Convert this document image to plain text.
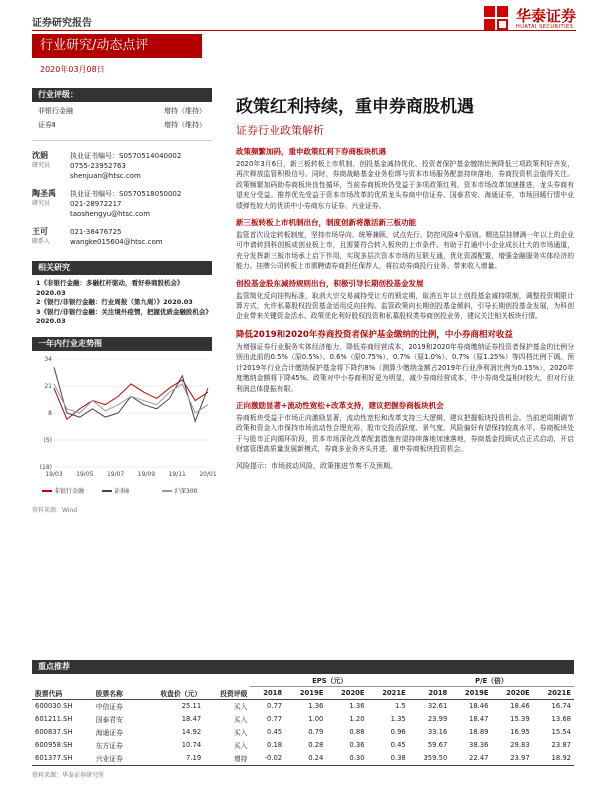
证券研究报告	华泰证券
HUATAI SECURITIES
行业研究/动态点评
2020年03月08日
行业评级：
非银行金融	增持（维持）
证券Ⅱ	增持（维持）
沈娟
研究员
执业证书编号：S0570514040002
0755-23952763
shenjuan@htsc.com
陶圣禹
研究员
执业证书编号：S0570518050002
021-28972217
taoshengyu@htsc.com
王可
联系人
021-38476725
wangke015604@htsc.com
相关研究
1《非银行金融：多融杠杆驱动，看好券商股机会》2020.03
2《银行/非银行金融：行业周报（第九周）》2020.03
3《银行/非银行金融：关注境外疫情，把握优质金融股机会》2020.03
一年内行业走势图
(18)
(5)
8
21
34
19/03 19/05 19/07 19/09 19/11 20/01
非银行金融	证券Ⅱ	沪深300
资料来源：Wind
政策红利持续，重申券商股机遇
证券行业政策解析
政策频繁加码，重申政策红利下券商板块机遇
2020年3月6日，新三板转板上市机制、创投基金减持优化、投资者保护基金缴纳比例降低三项政策利好齐发，再次释放监管积极信号。同时，券商战略基金业务松绑与资本市场服务配套持续落地，券商投资机会值得关注。政策频繁加码助券商板块良性循环，当前券商板块仍受益于多项政策红利，资本市场改革加速推进，龙头券商有望充分受益。推荐优先受益于资本市场改革的优质龙头券商中信证券、国泰君安、海通证券，市场回暖行情中业绩弹性较大的优质中小券商东方证券、兴业证券。
新三板转板上市机制出台，制度创新将激活新三板功能
监管首次设定转板制度，坚持市场导向、统筹兼顾、试点先行、防控风险4个原则。精选层挂牌满一年以上的企业可申请转到科创板或创业板上市，且需要符合转入板块的上市条件。有助于打通中小企业成长壮大的市场通道，充分发挥新三板市场承上启下作用，实现多层次资本市场的互联互通，优化资源配置，增强金融服务实体经济的能力。挂牌公司转板上市需聘请券商担任保荐人，将拉动券商投行业务、带来收入增量。
创投基金股东减持规则出台，积极引导长期创投基金发展
监管简化反向挂钩标准，取消大宗交易减持受让方的锁定期，取消五年以上创投基金减持限制，调整投资期限计算方式，允许私募股权投资基金适用反向挂钩。监管政策向长期创投基金倾斜，引导长期创投基金发展，为科创企业带来关键资金活水。政策优化利好股权投资和私募股权类券商创投业务，建议关注相关板块行情。
降低2019和2020年券商投资者保护基金缴纳的比例，中小券商相对收益
为增强证券行业服务实体经济能力，降低券商经营成本，2019和2020年券商缴纳证券投资者保护基金的比例分别由此前的0.5%（原0.5%）、0.6%（原0.75%）、0.7%（原1.0%）、0.7%（原1.25%）等四档比例下调。预计2019年行业合计缴纳保护基金将下降约8%（测算少缴纳金额占2019年行业净利润比例为0.15%），2020年度缴纳金额将下降45%。政策对中小券商利好更为明显，减少券商经营成本，中小券商受益相对较大，但对行业利润总体提振有限。
正向激励显著+流动性宽松+改革支持，建议把握券商板块机会
券商板块受益于市场正向激励显著，流动性宽松和改革支持三大逻辑，建议把握板块投资机会。当前逆周期调节政策和资金入市保持市场流动性合理充裕，股市交投活跃度、景气度、风险偏好有望保持较高水平。券商板块处于与股市正向循环阶段，资本市场深化改革配套措施有望持续落地加速落地，券商基金投顾试点正式启动，开启财富管理高质量发展新模式，券商多业务齐头并进，重申券商板块投资机会。
风险提示：市场波动风险，政策推进节奏不及预期。
重点推荐
				EPS（元）				P/E（倍）			
股票代码	股票名称	收盘价（元）	投资评级	2018	2019E	2020E	2021E	2018	2019E	2020E	2021E
600030.SH	中信证券	25.11	买入	0.77	1.36	1.36	1.5	32.61	18.46	18.46	16.74
601211.SH	国泰君安	18.47	买入	0.77	1.00	1.20	1.35	23.99	18.47	15.39	13.68
600837.SH	海通证券	14.92	买入	0.45	0.79	0.88	0.96	33.16	18.89	16.95	15.54
600958.SH	东方证券	10.74	买入	0.18	0.28	0.36	0.45	59.67	38.36	29.83	23.87
601377.SH	兴业证券	7.19	增持	-0.02	0.24	0.30	0.38	359.50	22.47	23.97	18.92
资料来源：华泰证券研究所
